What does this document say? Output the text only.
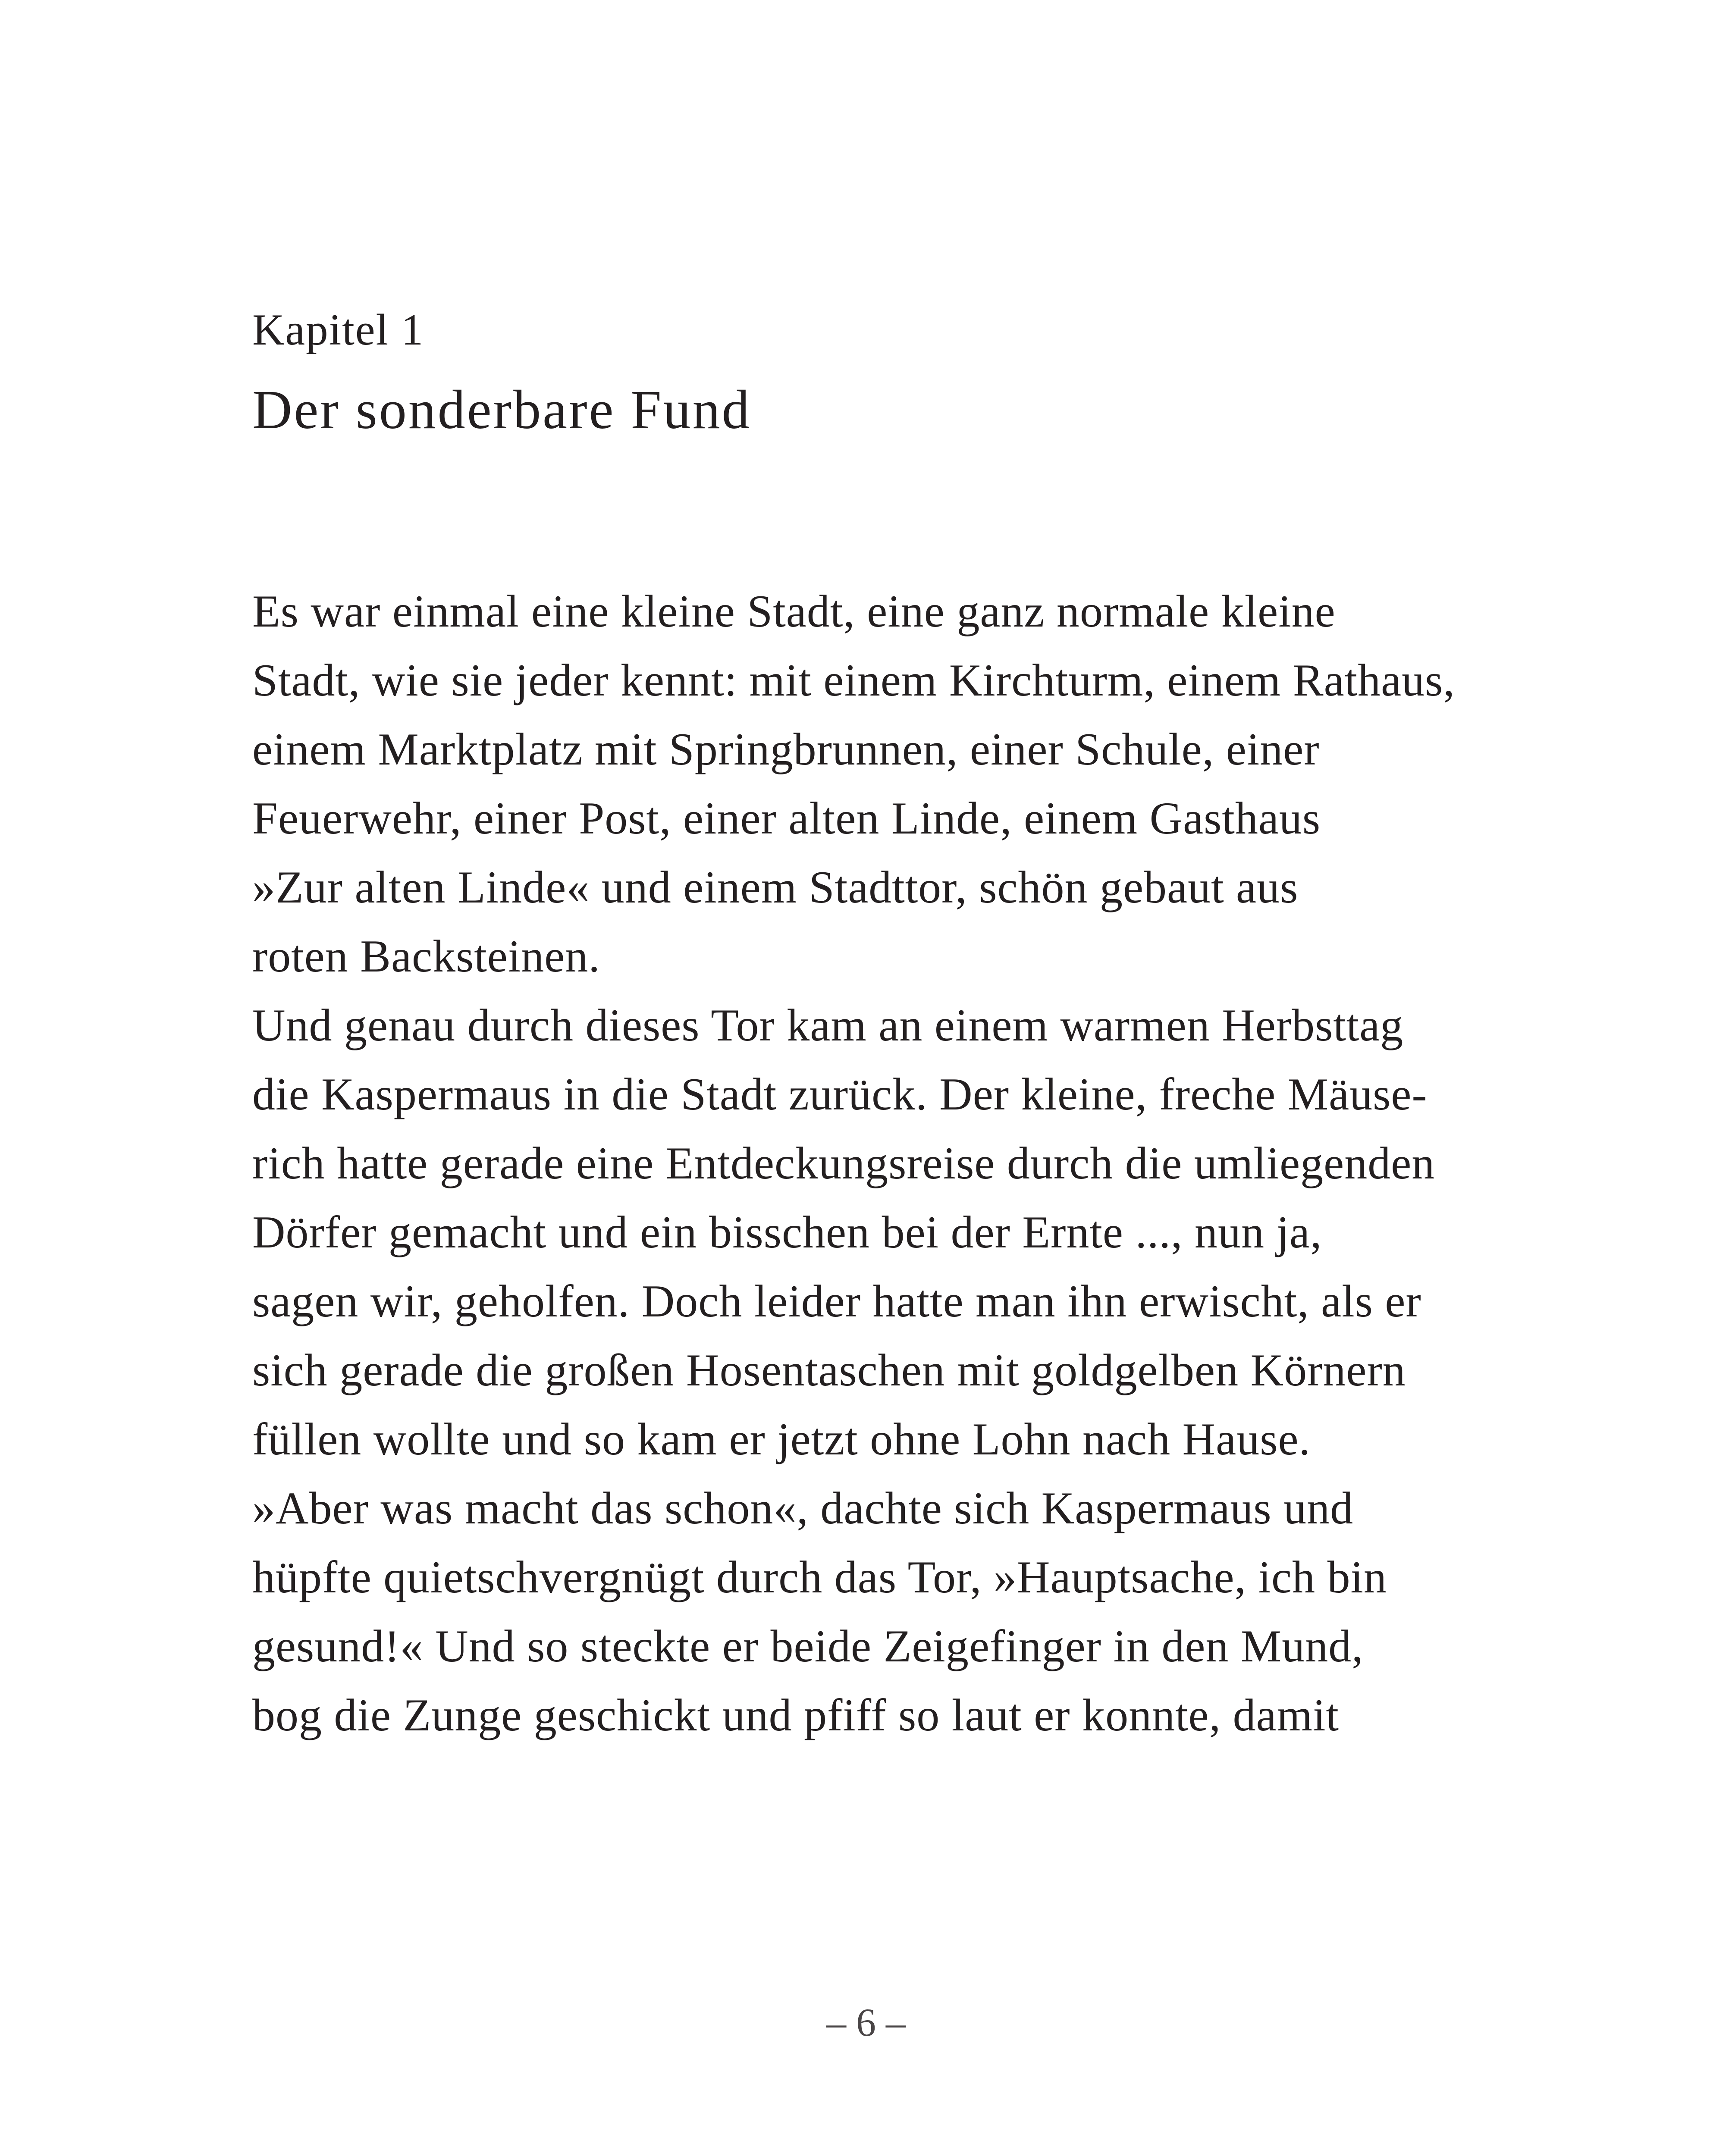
Kapitel 1
Der sonderbare Fund
Es war einmal eine kleine Stadt, eine ganz normale kleine
Stadt, wie sie jeder kennt: mit einem Kirchturm, einem Rathaus,
einem Marktplatz mit Springbrunnen, einer Schule, einer
Feuerwehr, einer Post, einer alten Linde, einem Gasthaus
»Zur alten Linde« und einem Stadttor, schön gebaut aus
roten Backsteinen.
Und genau durch dieses Tor kam an einem warmen Herbsttag
die Kaspermaus in die Stadt zurück. Der kleine, freche Mäuse-
rich hatte gerade eine Entdeckungsreise durch die umliegenden
Dörfer gemacht und ein bisschen bei der Ernte ..., nun ja,
sagen wir, geholfen. Doch leider hatte man ihn erwischt, als er
sich gerade die großen Hosentaschen mit goldgelben Körnern
füllen wollte und so kam er jetzt ohne Lohn nach Hause.
»Aber was macht das schon«, dachte sich Kaspermaus und
hüpfte quietschvergnügt durch das Tor, »Hauptsache, ich bin
gesund!« Und so steckte er beide Zeigefinger in den Mund,
bog die Zunge geschickt und pfiff so laut er konnte, damit
– 6 –
